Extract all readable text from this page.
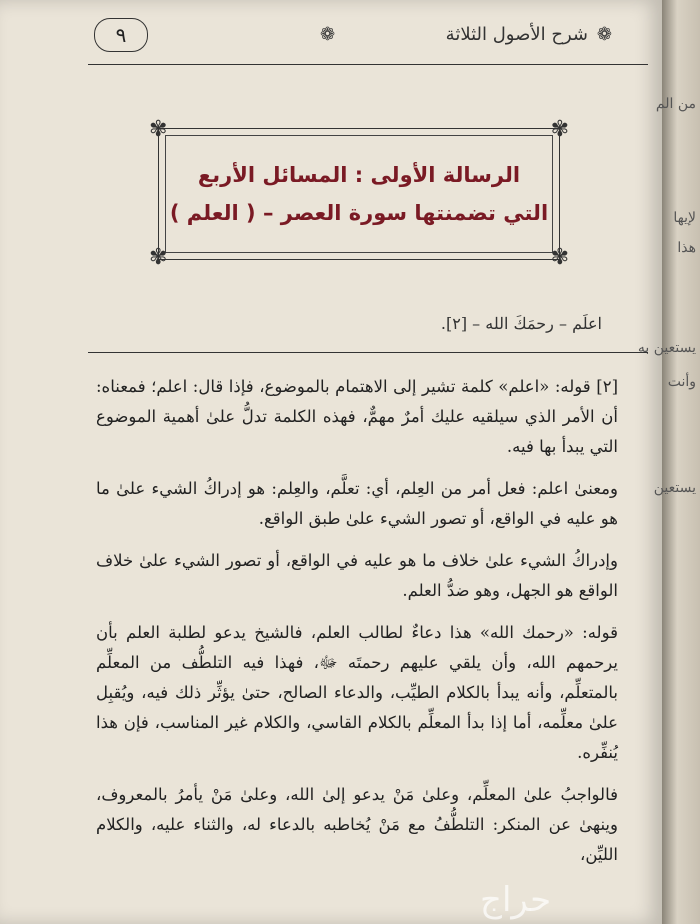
٩	❁	❁
شرح الأصول الثلاثة
✾	✾
✾	✾
الرسالة الأولى : المسائل الأربع
التي تضمنتها سورة العصر – ( العلم )
اعلَم – رحمَكَ الله – [٢].

[٢] قوله: «اعلم» كلمة تشير إلى الاهتمام بالموضوع، فإذا قال: اعلم؛ فمعناه: أن الأمر الذي سيلقيه عليك أمرٌ مهمٌّ، فهذه الكلمة تدلُّ علىٰ أهمية الموضوع التي يبدأ بها فيه.

ومعنىٰ اعلم: فعل أمر من العِلم، أي: تعلَّم، والعِلم: هو إدراكُ الشيء علىٰ ما هو عليه في الواقع، أو تصور الشيء علىٰ طبق الواقع.

وإدراكُ الشيء علىٰ خلاف ما هو عليه في الواقع، أو تصور الشيء علىٰ خلاف الواقع هو الجهل، وهو ضدُّ العلم.

قوله: «رحمك الله» هذا دعاءٌ لطالب العلم، فالشيخ يدعو لطلبة العلم بأن يرحمهم الله، وأن يلقي عليهم رحمتَه ﷻ، فهذا فيه التلطُّف من المعلِّم بالمتعلِّم، وأنه يبدأ بالكلام الطيِّب، والدعاء الصالح، حتىٰ يؤثِّر ذلك فيه، ويُقبِل علىٰ معلِّمه، أما إذا بدأ المعلِّم بالكلام القاسي، والكلام غير المناسب، فإن هذا يُنفِّره.

فالواجبُ علىٰ المعلِّم، وعلىٰ مَنْ يدعو إلىٰ الله، وعلىٰ مَنْ يأمرُ بالمعروف، وينهىٰ عن المنكر: التلطُّفُ مع مَنْ يُخاطبه بالدعاء له، والثناء عليه، والكلام الليِّن،

من الم
لإيها
هذا
يستعين به
وأنت
يستعين
حراج
